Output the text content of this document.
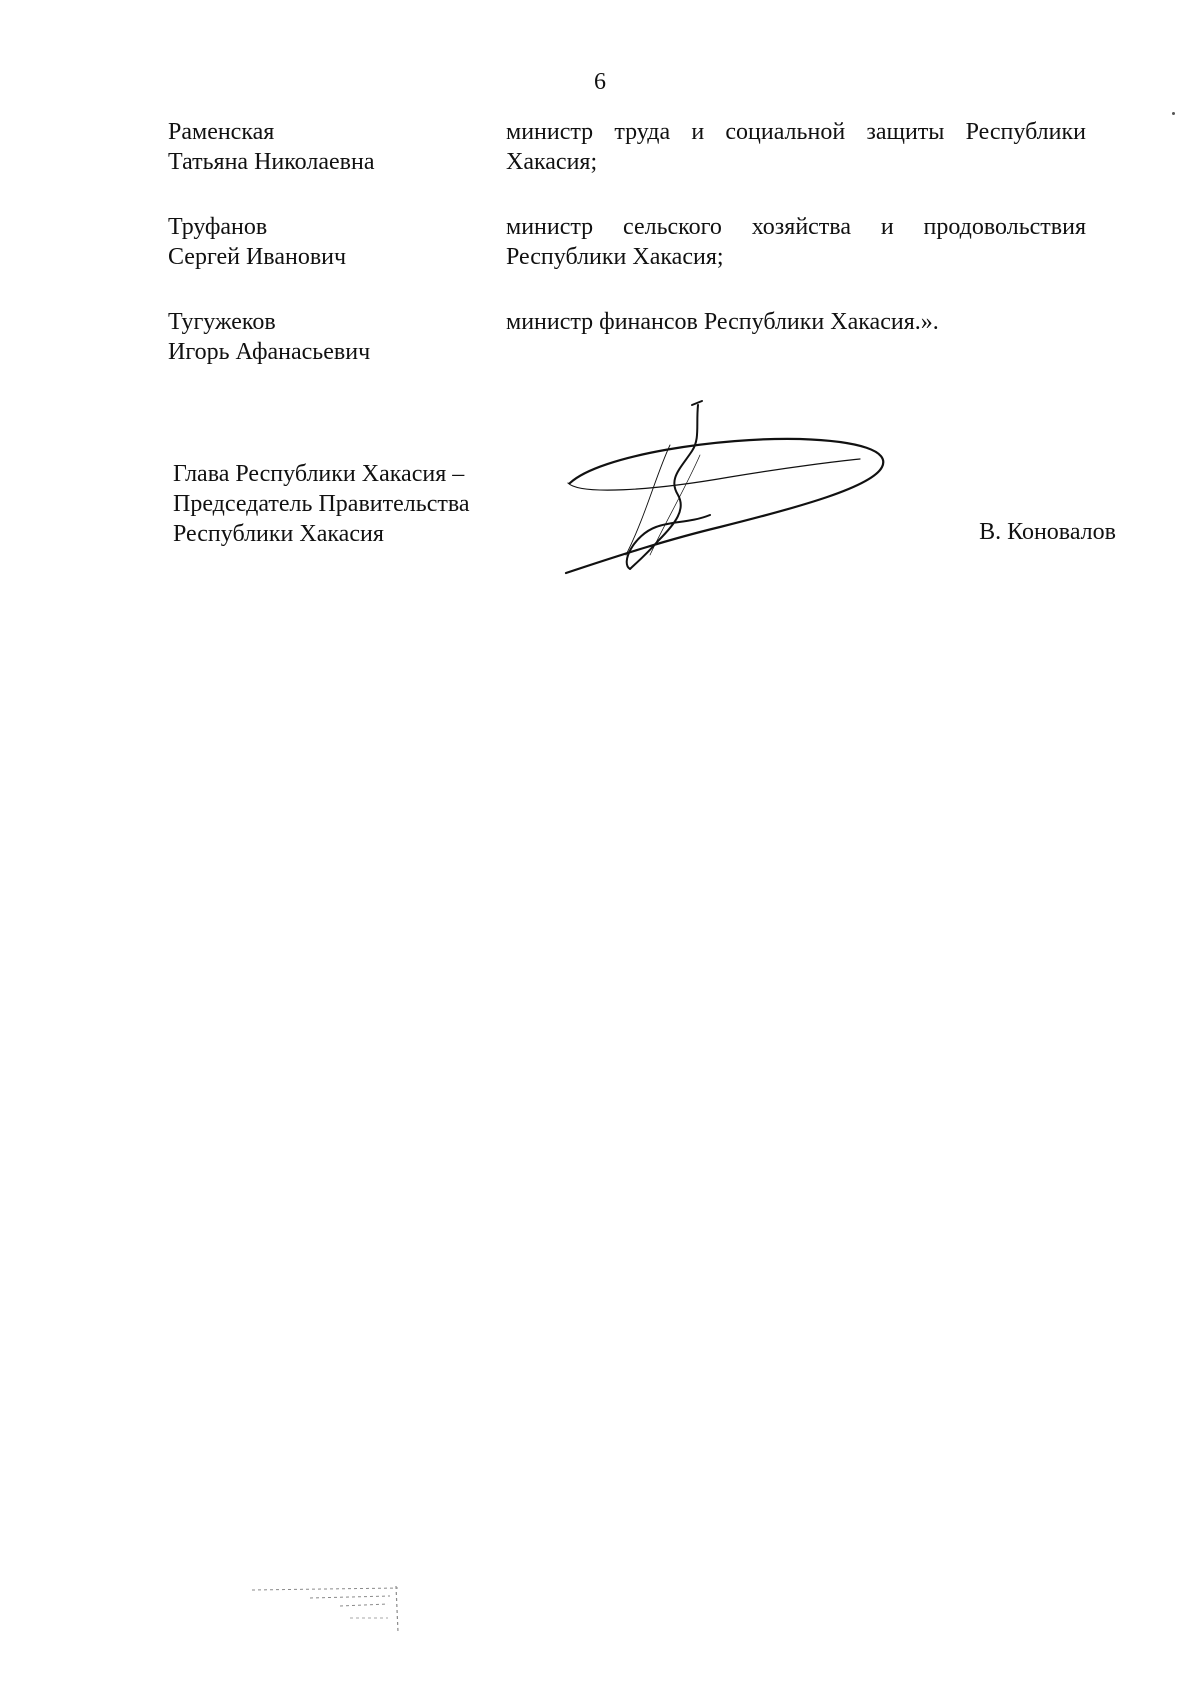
6
Раменская
Татьяна Николаевна
министр труда и социальной защиты Республики
Хакасия;
Труфанов
Сергей Иванович
министр сельского хозяйства и продовольствия
Республики Хакасия;
Тугужеков
Игорь Афанасьевич
министр финансов Республики Хакасия.».
Глава Республики Хакасия –
Председатель Правительства
Республики Хакасия	В. Коновалов
